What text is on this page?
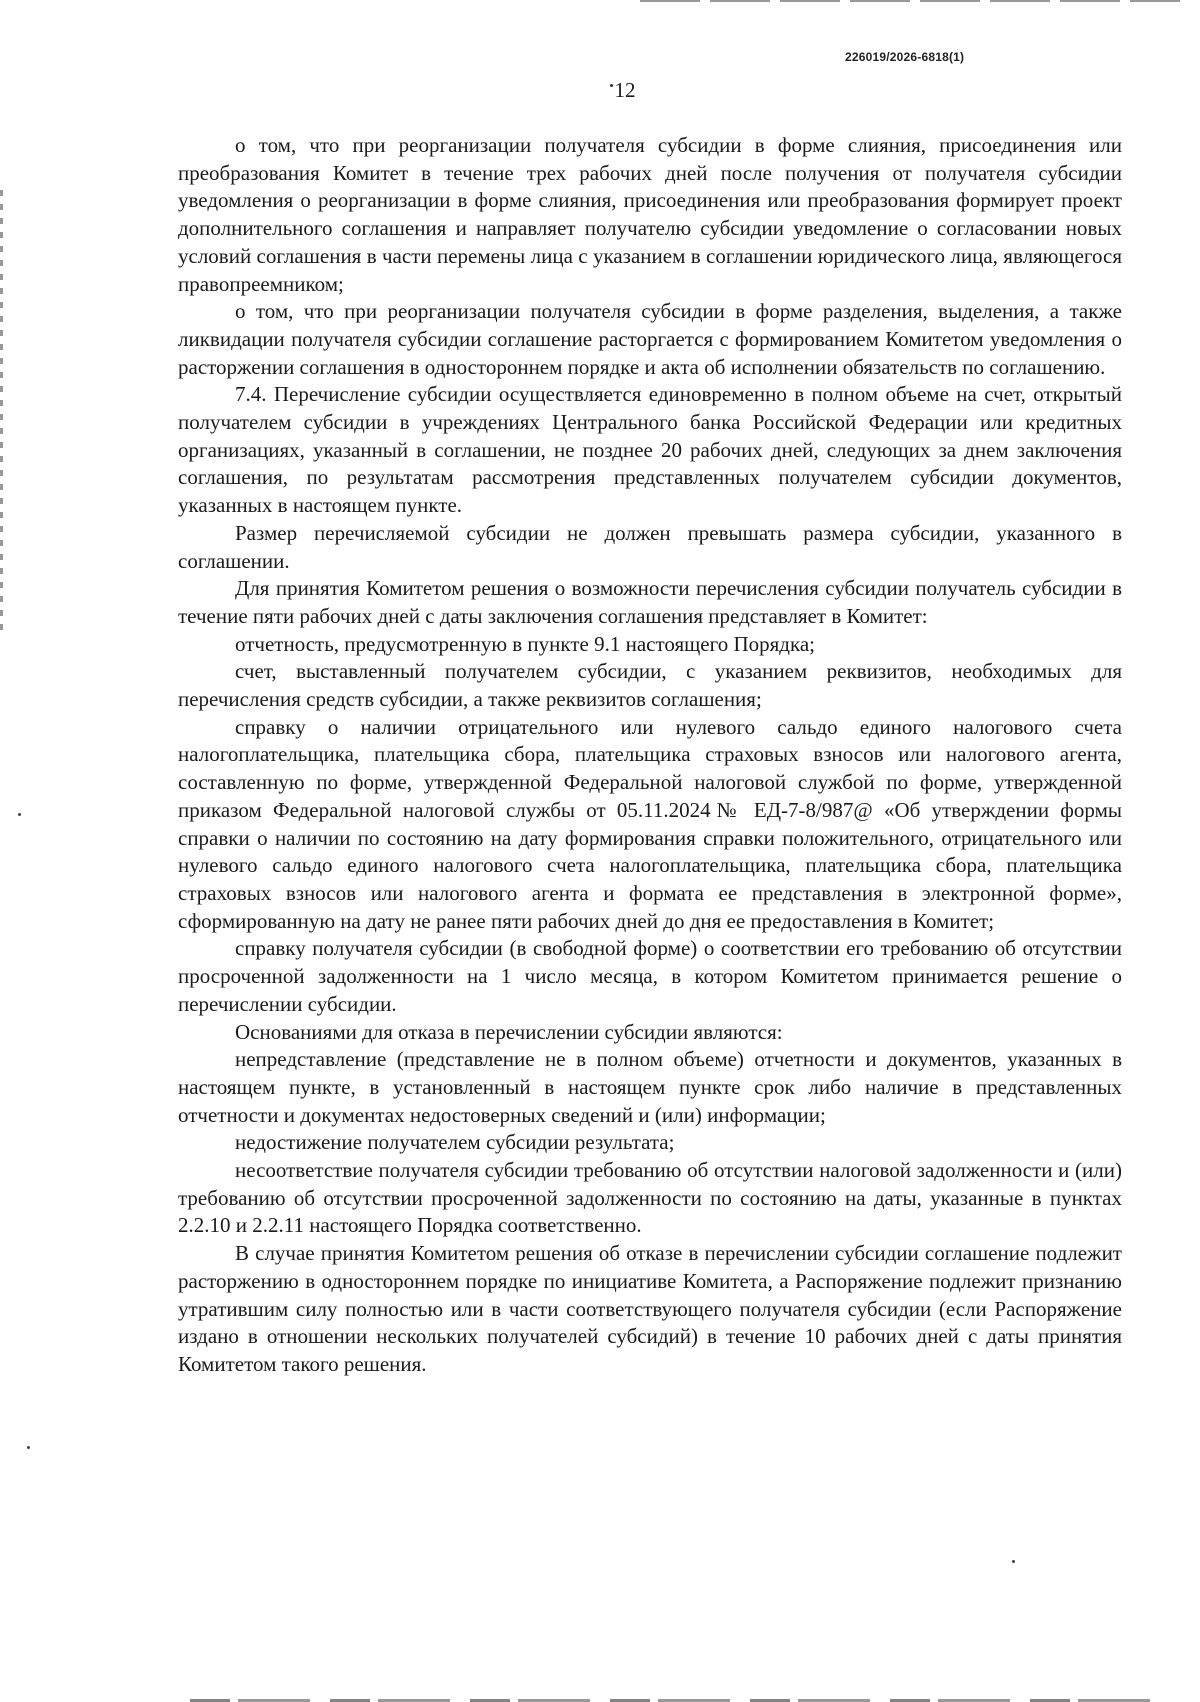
226019/2026-6818(1)
12

о том, что при реорганизации получателя субсидии в форме слияния, присоединения или преобразования Комитет в течение трех рабочих дней после получения от получателя субсидии уведомления о реорганизации в форме слияния, присоединения или преобразования формирует проект дополнительного соглашения и направляет получателю субсидии уведомление о согласовании новых условий соглашения в части перемены лица с указанием в соглашении юридического лица, являющегося правопреемником;

о том, что при реорганизации получателя субсидии в форме разделения, выделения, а также ликвидации получателя субсидии соглашение расторгается с формированием Комитетом уведомления о расторжении соглашения в одностороннем порядке и акта об исполнении обязательств по соглашению.

7.4. Перечисление субсидии осуществляется единовременно в полном объеме на счет, открытый получателем субсидии в учреждениях Центрального банка Российской Федерации или кредитных организациях, указанный в соглашении, не позднее 20 рабочих дней, следующих за днем заключения соглашения, по результатам рассмотрения представленных получателем субсидии документов, указанных в настоящем пункте.

Размер перечисляемой субсидии не должен превышать размера субсидии, указанного в соглашении.

Для принятия Комитетом решения о возможности перечисления субсидии получатель субсидии в течение пяти рабочих дней с даты заключения соглашения представляет в Комитет:

отчетность, предусмотренную в пункте 9.1 настоящего Порядка;

счет, выставленный получателем субсидии, с указанием реквизитов, необходимых для перечисления средств субсидии, а также реквизитов соглашения;

справку о наличии отрицательного или нулевого сальдо единого налогового счета налогоплательщика, плательщика сбора, плательщика страховых взносов или налогового агента, составленную по форме, утвержденной Федеральной налоговой службой по форме, утвержденной приказом Федеральной налоговой службы от 05.11.2024№ ЕД-7-8/987@ «Об утверждении формы справки о наличии по состоянию на дату формирования справки положительного, отрицательного или нулевого сальдо единого налогового счета налогоплательщика, плательщика сбора, плательщика страховых взносов или налогового агента и формата ее представления в электронной форме», сформированную на дату не ранее пяти рабочих дней до дня ее предоставления в Комитет;

справку получателя субсидии (в свободной форме) о соответствии его требованию об отсутствии просроченной задолженности на 1 число месяца, в котором Комитетом принимается решение о перечислении субсидии.

Основаниями для отказа в перечислении субсидии являются:

непредставление (представление не в полном объеме) отчетности и документов, указанных в настоящем пункте, в установленный в настоящем пункте срок либо наличие в представленных отчетности и документах недостоверных сведений и (или) информации;

недостижение получателем субсидии результата;

несоответствие получателя субсидии требованию об отсутствии налоговой задолженности и (или) требованию об отсутствии просроченной задолженности по состоянию на даты, указанные в пунктах 2.2.10 и 2.2.11 настоящего Порядка соответственно.

В случае принятия Комитетом решения об отказе в перечислении субсидии соглашение подлежит расторжению в одностороннем порядке по инициативе Комитета, а Распоряжение подлежит признанию утратившим силу полностью или в части соответствующего получателя субсидии (если Распоряжение издано в отношении нескольких получателей субсидий) в течение 10 рабочих дней с даты принятия Комитетом такого решения.
